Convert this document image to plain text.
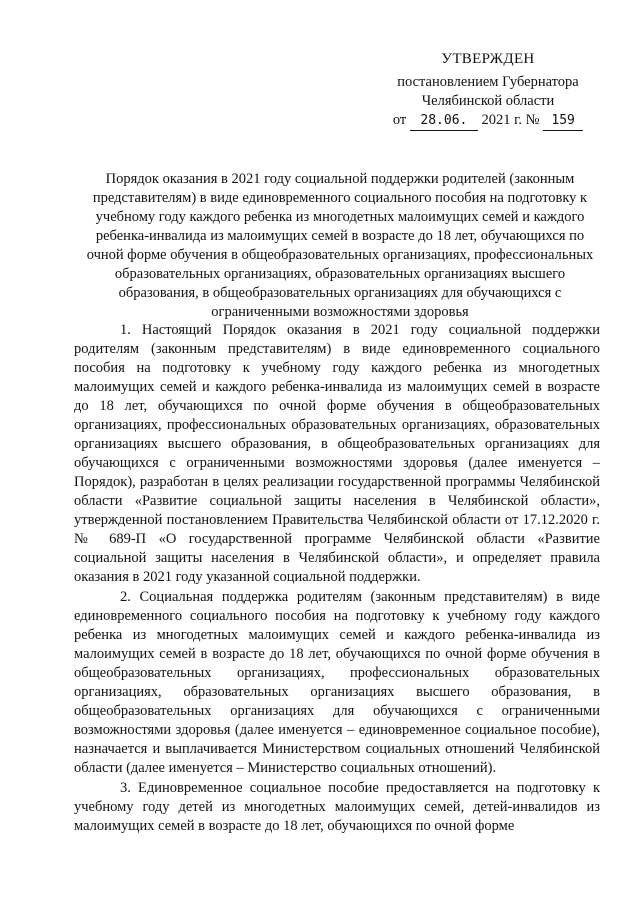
УТВЕРЖДЕН
постановлением Губернатора
Челябинской области
от 28.06. 2021 г. № 159
Порядок оказания в 2021 году социальной поддержки родителей (законным представителям) в виде единовременного социального пособия на подготовку к учебному году каждого ребенка из многодетных малоимущих семей и каждого ребенка-инвалида из малоимущих семей в возрасте до 18 лет, обучающихся по очной форме обучения в общеобразовательных организациях, профессиональных образовательных организациях, образовательных организациях высшего образования, в общеобразовательных организациях для обучающихся с ограниченными возможностями здоровья

1. Настоящий Порядок оказания в 2021 году социальной поддержки родителям (законным представителям) в виде единовременного социального пособия на подготовку к учебному году каждого ребенка из многодетных малоимущих семей и каждого ребенка-инвалида из малоимущих семей в возрасте до 18 лет, обучающихся по очной форме обучения в общеобразовательных организациях, профессиональных образовательных организациях, образовательных организациях высшего образования, в общеобразовательных организациях для обучающихся с ограниченными возможностями здоровья (далее именуется – Порядок), разработан в целях реализации государственной программы Челябинской области «Развитие социальной защиты населения в Челябинской области», утвержденной постановлением Правительства Челябинской области от 17.12.2020 г. № 689-П «О государственной программе Челябинской области «Развитие социальной защиты населения в Челябинской области», и определяет правила оказания в 2021 году указанной социальной поддержки.

2. Социальная поддержка родителям (законным представителям) в виде единовременного социального пособия на подготовку к учебному году каждого ребенка из многодетных малоимущих семей и каждого ребенка-инвалида из малоимущих семей в возрасте до 18 лет, обучающихся по очной форме обучения в общеобразовательных организациях, профессиональных образовательных организациях, образовательных организациях высшего образования, в общеобразовательных организациях для обучающихся с ограниченными возможностями здоровья (далее именуется – единовременное социальное пособие), назначается и выплачивается Министерством социальных отношений Челябинской области (далее именуется – Министерство социальных отношений).

3. Единовременное социальное пособие предоставляется на подготовку к учебному году детей из многодетных малоимущих семей, детей-инвалидов из малоимущих семей в возрасте до 18 лет, обучающихся по очной форме
